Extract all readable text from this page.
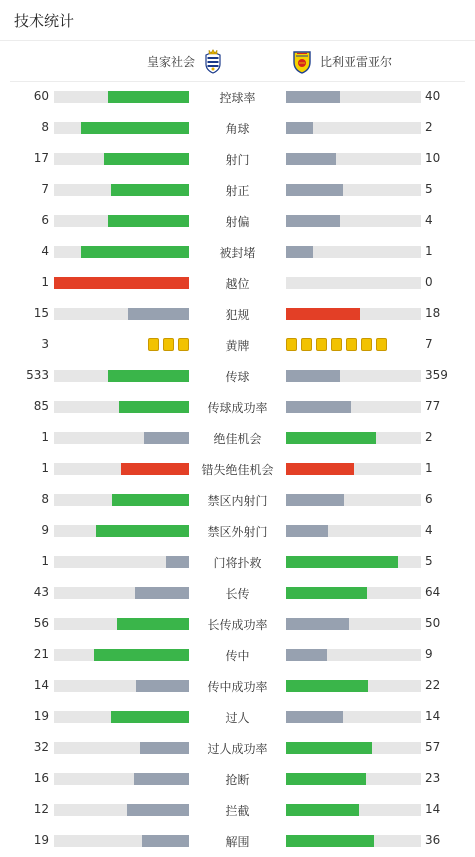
技术统计
皇家社会	比利亚雷亚尔
60	控球率	40
8	角球	2
17	射门	10
7	射正	5
6	射偏	4
4	被封堵	1
1	越位	0
15	犯规	18
3	黄牌	7
533	传球	359
85	传球成功率	77
1	绝佳机会	2
1	错失绝佳机会	1
8	禁区内射门	6
9	禁区外射门	4
1	门将扑救	5
43	长传	64
56	长传成功率	50
21	传中	9
14	传中成功率	22
19	过人	14
32	过人成功率	57
16	抢断	23
12	拦截	14
19	解围	36
